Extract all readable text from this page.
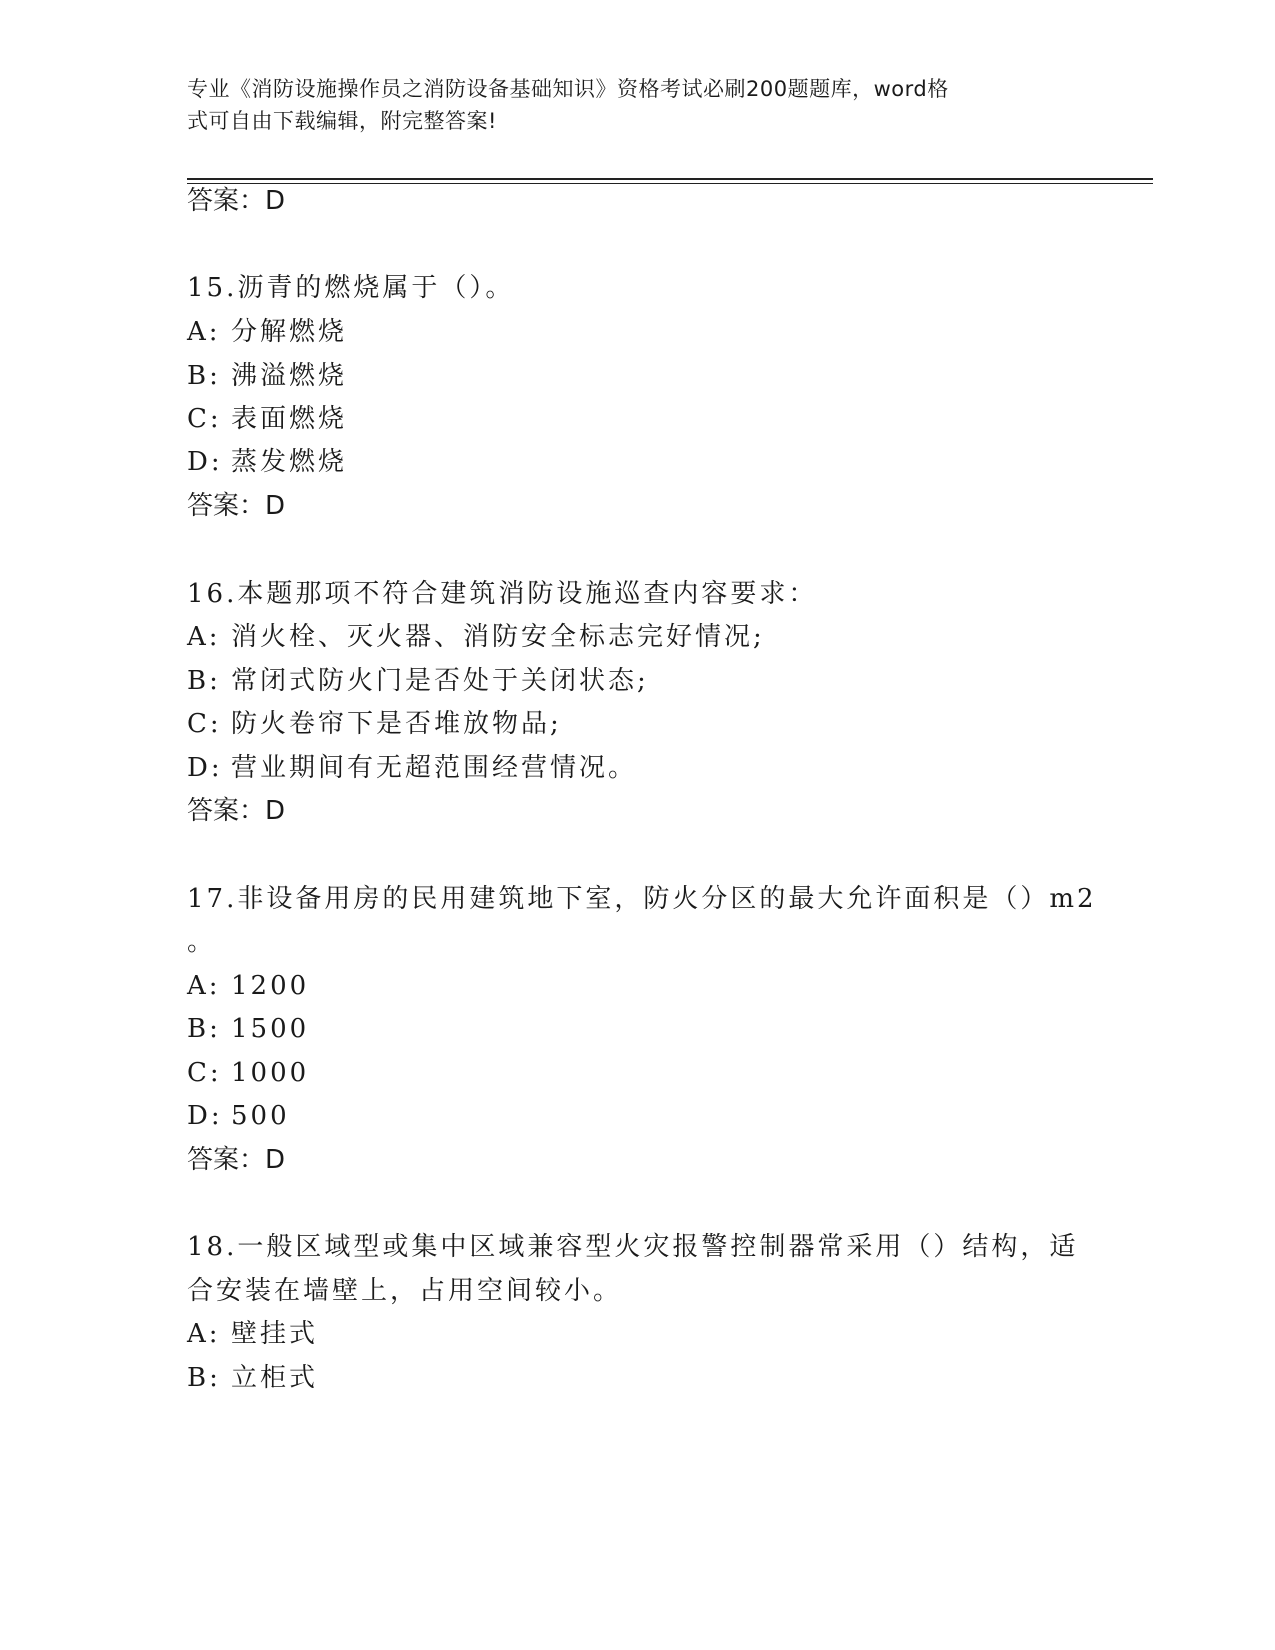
专业《消防设施操作员之消防设备基础知识》资格考试必刷200题题库，word格
式可自由下载编辑，附完整答案!
答案：D
15.沥青的燃烧属于（）。
A: 分解燃烧
B: 沸溢燃烧
C: 表面燃烧
D: 蒸发燃烧
答案：D
16.本题那项不符合建筑消防设施巡查内容要求：
A: 消火栓、灭火器、消防安全标志完好情况;
B: 常闭式防火门是否处于关闭状态;
C: 防火卷帘下是否堆放物品;
D: 营业期间有无超范围经营情况。
答案：D
17.非设备用房的民用建筑地下室，防火分区的最大允许面积是（）m2
。
A: 1200
B: 1500
C: 1000
D: 500
答案：D
18.一般区域型或集中区域兼容型火灾报警控制器常采用（）结构，适
合安装在墙壁上，占用空间较小。
A: 壁挂式
B: 立柜式
